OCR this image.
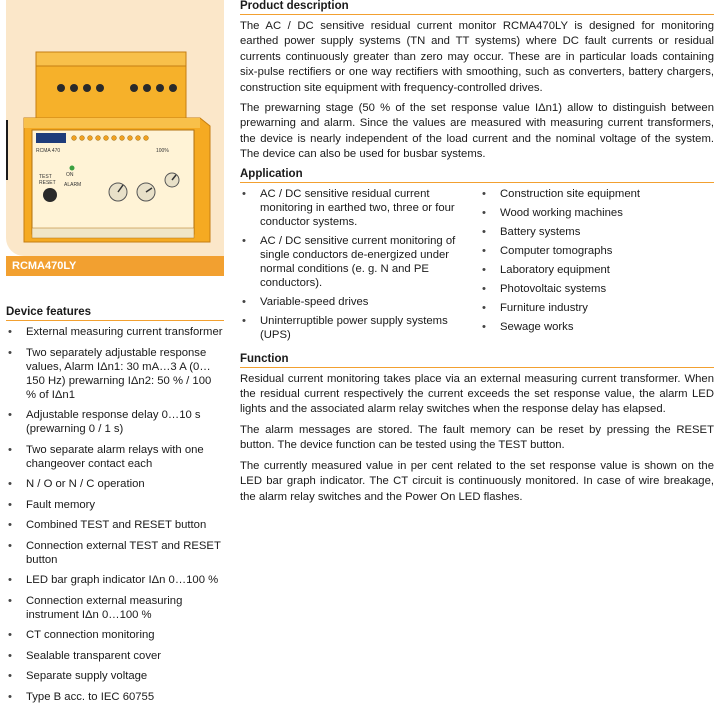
RCMA 470	100%
TEST
RESET
ON
ALARM
RCMA470LY
Device features
• External measuring current transformer
• Two separately adjustable response values, Alarm IΔn1: 30 mA…3 A (0…150 Hz) prewarning IΔn2: 50 % / 100 % of IΔn1
• Adjustable response delay 0…10 s (prewarning 0 / 1 s)
• Two separate alarm relays with one changeover contact each
• N / O or N / C operation
• Fault memory
• Combined TEST and RESET button
• Connection external TEST and RESET button
• LED bar graph indicator IΔn 0…100 %
• Connection external measuring instrument IΔn 0…100 %
• CT connection monitoring
• Sealable transparent cover
• Separate supply voltage
• Type B acc. to IEC 60755
Product description

The AC / DC sensitive residual current monitor RCMA470LY is designed for monitoring earthed power supply systems (TN and TT systems) where DC fault currents or residual currents continuously greater than zero may occur. These are in particular loads containing six-pulse rectifiers or one way rectifiers with smoothing, such as converters, battery chargers, construction site equipment with frequency-controlled drives.

The prewarning stage (50 % of the set response value IΔn1) allow to distinguish between prewarning and alarm. Since the values are measured with measuring current transformers, the device is nearly independent of the load current and the nominal voltage of the system. The device can also be used for busbar systems.

Application
• AC / DC sensitive residual current monitoring in earthed two, three or four conductor systems.
• AC / DC sensitive current monitoring of single conductors de-energized under normal conditions (e. g. N and PE conductors).
• Variable-speed drives
• Uninterruptible power supply systems (UPS)
• Construction site equipment
• Wood working machines
• Battery systems
• Computer tomographs
• Laboratory equipment
• Photovoltaic systems
• Furniture industry
• Sewage works
Function

Residual current monitoring takes place via an external measuring current transformer. When the residual current respectively the current exceeds the set response value, the alarm LED lights and the associated alarm relay switches when the response delay has elapsed.

The alarm messages are stored. The fault memory can be reset by pressing the RESET button. The device function can be tested using the TEST button.

The currently measured value in per cent related to the set response value is shown on the LED bar graph indicator. The CT circuit is continuously monitored. In case of wire breakage, the alarm relay switches and the Power On LED flashes.
